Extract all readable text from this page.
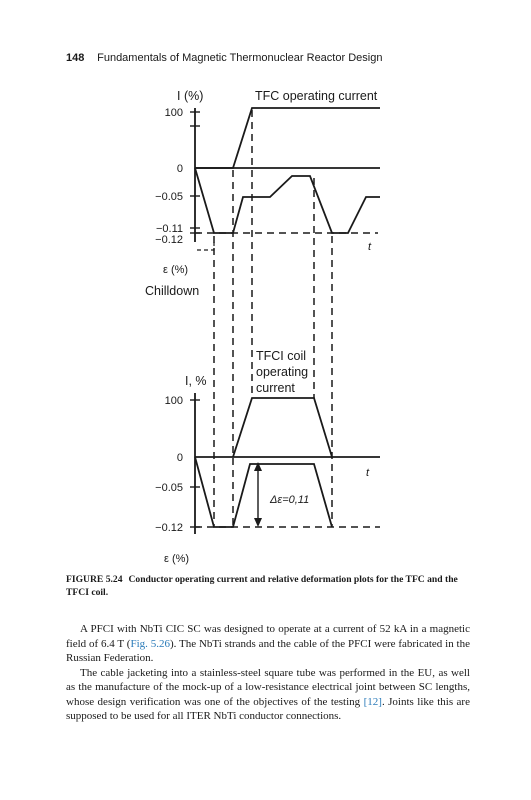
148 Fundamentals of Magnetic Thermonuclear Reactor Design
I (%)	TFC operating current
100
0
−0.05
−0.11
−0.12
t
ε (%)
Chilldown
TFCI coil
operating
current
I, %
100
0
−0.05
−0.12
t
Δε=0,11
ε (%)
FIGURE 5.24 Conductor operating current and relative deformation plots for the TFC and the TFCI coil.

A PFCI with NbTi CIC SC was designed to operate at a current of 52 kA in a magnetic field of 6.4 T (Fig. 5.26). The NbTi strands and the cable of the PFCI were fabricated in the Russian Federation.

The cable jacketing into a stainless-steel square tube was performed in the EU, as well as the manufacture of the mock-up of a low-resistance electrical joint between SC lengths, whose design verification was one of the objectives of the testing [12]. Joints like this are supposed to be used for all ITER NbTi conductor connections.
